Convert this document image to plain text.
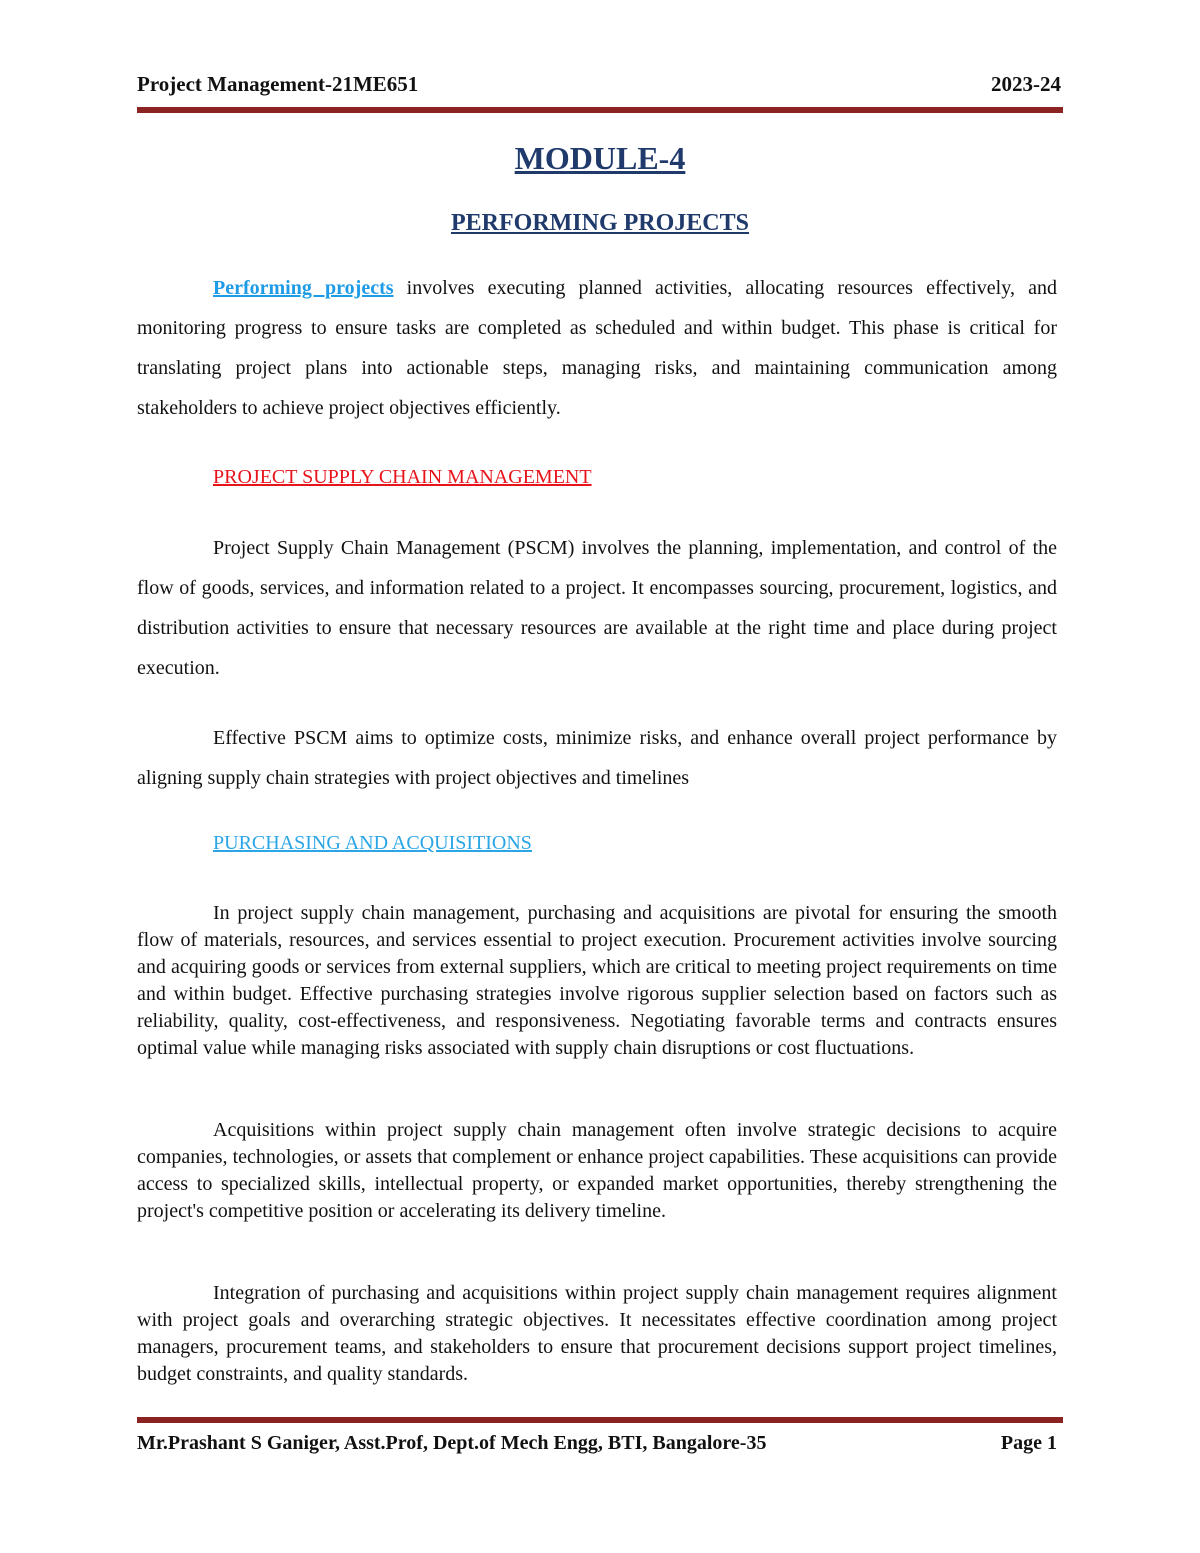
Project Management-21ME651	2023-24
MODULE-4
PERFORMING PROJECTS

Performing projects involves executing planned activities, allocating resources effectively, and monitoring progress to ensure tasks are completed as scheduled and within budget. This phase is critical for translating project plans into actionable steps, managing risks, and maintaining communication among stakeholders to achieve project objectives efficiently.

PROJECT SUPPLY CHAIN MANAGEMENT

Project Supply Chain Management (PSCM) involves the planning, implementation, and control of the flow of goods, services, and information related to a project. It encompasses sourcing, procurement, logistics, and distribution activities to ensure that necessary resources are available at the right time and place during project execution.

Effective PSCM aims to optimize costs, minimize risks, and enhance overall project performance by aligning supply chain strategies with project objectives and timelines

PURCHASING AND ACQUISITIONS

In project supply chain management, purchasing and acquisitions are pivotal for ensuring the smooth flow of materials, resources, and services essential to project execution. Procurement activities involve sourcing and acquiring goods or services from external suppliers, which are critical to meeting project requirements on time and within budget. Effective purchasing strategies involve rigorous supplier selection based on factors such as reliability, quality, cost-effectiveness, and responsiveness. Negotiating favorable terms and contracts ensures optimal value while managing risks associated with supply chain disruptions or cost fluctuations.

Acquisitions within project supply chain management often involve strategic decisions to acquire companies, technologies, or assets that complement or enhance project capabilities. These acquisitions can provide access to specialized skills, intellectual property, or expanded market opportunities, thereby strengthening the project's competitive position or accelerating its delivery timeline.

Integration of purchasing and acquisitions within project supply chain management requires alignment with project goals and overarching strategic objectives. It necessitates effective coordination among project managers, procurement teams, and stakeholders to ensure that procurement decisions support project timelines, budget constraints, and quality standards.

Mr.Prashant S Ganiger, Asst.Prof, Dept.of Mech Engg, BTI, Bangalore-35	Page 1
